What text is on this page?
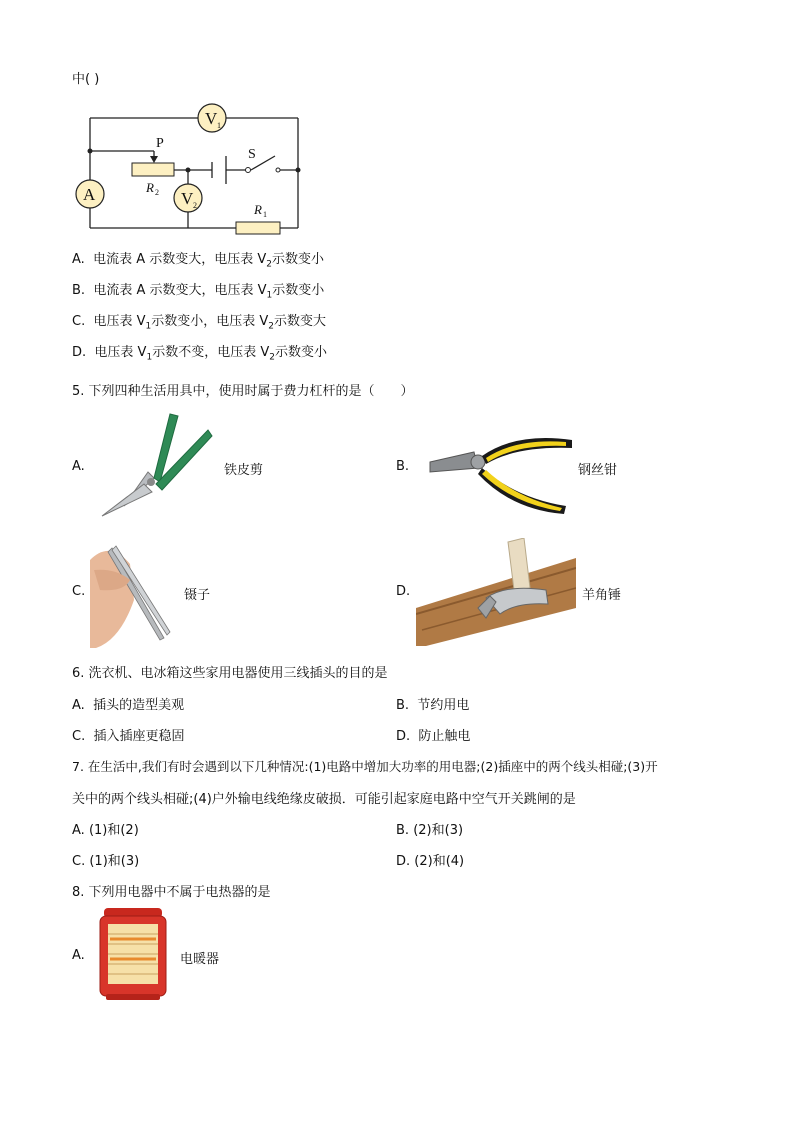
中( )
V 1
A	V 2
P
S
R 2
R 1
A. 电流表 A 示数变大，电压表 $V_2$示数变小
B. 电流表 A 示数变大，电压表 $V_1$示数变小
C. 电压表 $V_1$示数变小，电压表 $V_2$示数变大
D. 电压表 $V_1$示数不变，电压表 $V_2$示数变小
5. 下列四种生活用具中，使用时属于费力杠杆的是（　　）
A.	铁皮剪	B.	钢丝钳
C.	镊子	D.	羊角锤
6. 洗衣机、电冰箱这些家用电器使用三线插头的目的是
A. 插头的造型美观	B. 节约用电
C. 插入插座更稳固	D. 防止触电
7. 在生活中,我们有时会遇到以下几种情况:(1)电路中增加大功率的用电器;(2)插座中的两个线头相碰;(3)开
关中的两个线头相碰;(4)户外输电线绝缘皮破损．可能引起家庭电路中空气开关跳闸的是
A. (1)和(2)	B. (2)和(3)
C. (1)和(3)	D. (2)和(4)
8. 下列用电器中不属于电热器的是
A.	电暖器
